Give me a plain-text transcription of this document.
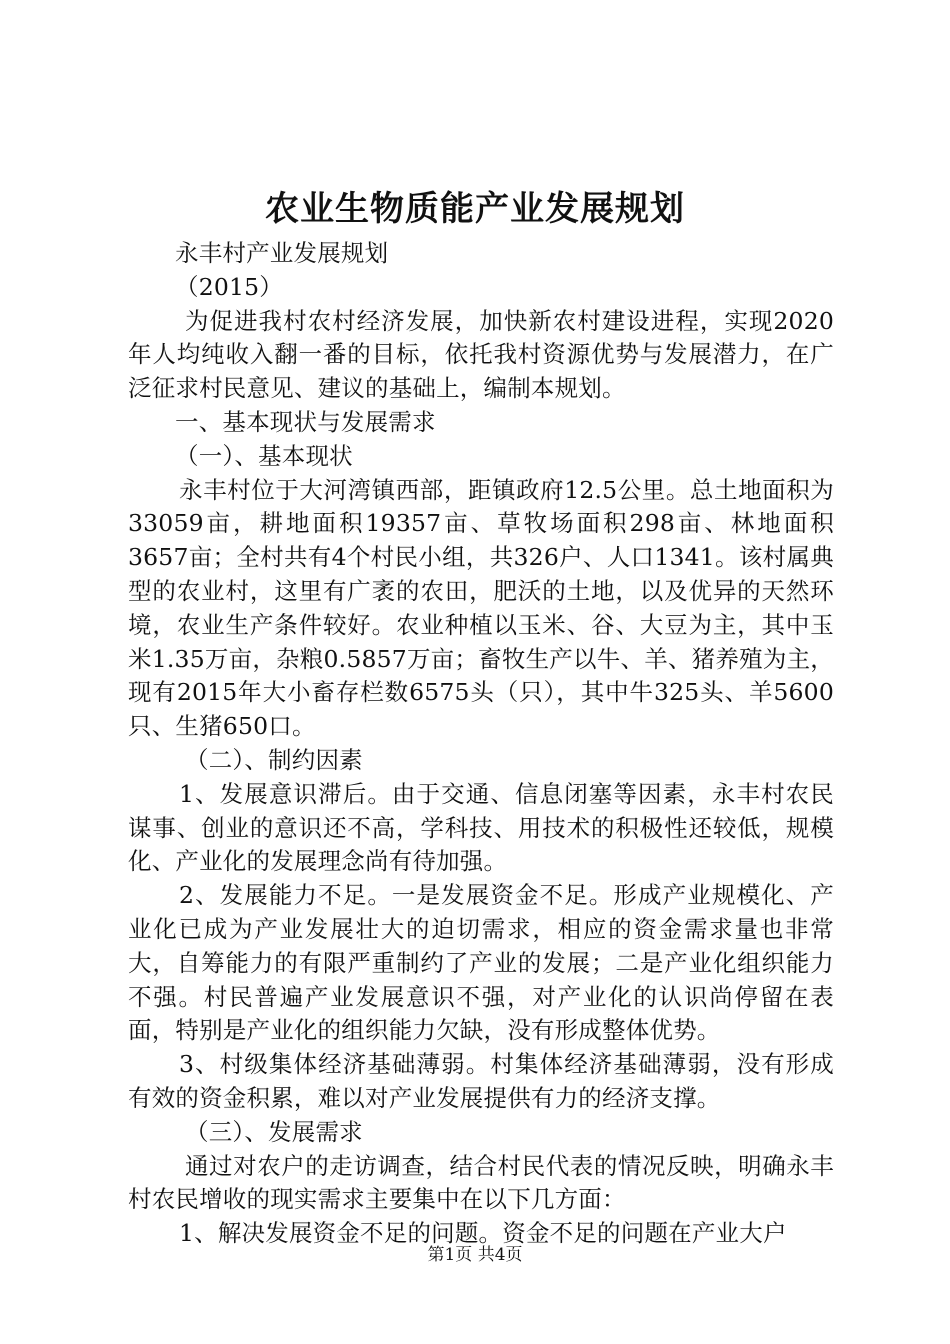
农业生物质能产业发展规划

永丰村产业发展规划

（2015）

为促进我村农村经济发展，加快新农村建设进程，实现2020年人均纯收入翻一番的目标，依托我村资源优势与发展潜力，在广泛征求村民意见、建议的基础上，编制本规划。

一、基本现状与发展需求

（一）、基本现状

永丰村位于大河湾镇西部，距镇政府12.5公里。总土地面积为33059亩，耕地面积19357亩、草牧场面积298亩、林地面积3657亩；全村共有4个村民小组，共326户、人口1341。该村属典型的农业村，这里有广袤的农田，肥沃的土地，以及优异的天然环境，农业生产条件较好。农业种植以玉米、谷、大豆为主，其中玉米1.35万亩，杂粮0.5857万亩；畜牧生产以牛、羊、猪养殖为主，现有2015年大小畜存栏数6575头（只），其中牛325头、羊5600只、生猪650口。

（二）、制约因素

1、发展意识滞后。由于交通、信息闭塞等因素，永丰村农民谋事、创业的意识还不高，学科技、用技术的积极性还较低，规模化、产业化的发展理念尚有待加强。

2、发展能力不足。一是发展资金不足。形成产业规模化、产业化已成为产业发展壮大的迫切需求，相应的资金需求量也非常大，自筹能力的有限严重制约了产业的发展；二是产业化组织能力不强。村民普遍产业发展意识不强，对产业化的认识尚停留在表面，特别是产业化的组织能力欠缺，没有形成整体优势。

3、村级集体经济基础薄弱。村集体经济基础薄弱，没有形成有效的资金积累，难以对产业发展提供有力的经济支撑。

（三）、发展需求

通过对农户的走访调查，结合村民代表的情况反映，明确永丰村农民增收的现实需求主要集中在以下几方面：

1、解决发展资金不足的问题。资金不足的问题在产业大户

第1页 共4页
